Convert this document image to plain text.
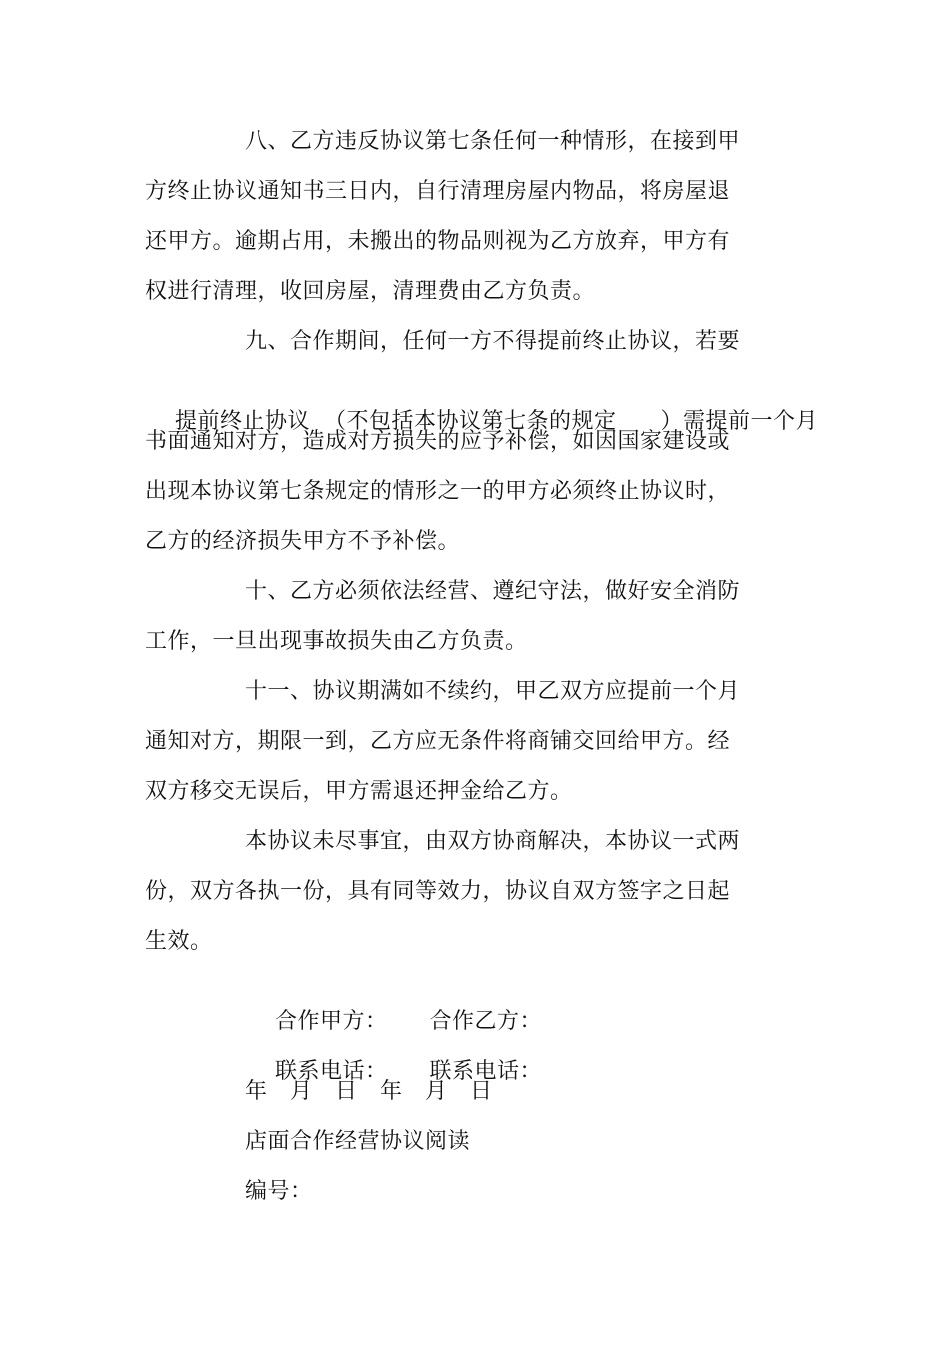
八、乙方违反协议第七条任何一种情形，在接到甲
方终止协议通知书三日内，自行清理房屋内物品，将房屋退
还甲方。逾期占用，未搬出的物品则视为乙方放弃，甲方有
权进行清理，收回房屋，清理费由乙方负责。
九、合作期间，任何一方不得提前终止协议，若要

提前终止协议 （不包括本协议第七条的规定 ）需提前一个月

书面通知对方，造成对方损失的应予补偿，如因国家建设或
出现本协议第七条规定的情形之一的甲方必须终止协议时，
乙方的经济损失甲方不予补偿。
十、乙方必须依法经营、遵纪守法，做好安全消防
工作，一旦出现事故损失由乙方负责。
十一、协议期满如不续约，甲乙双方应提前一个月
通知对方，期限一到，乙方应无条件将商铺交回给甲方。经
双方移交无误后，甲方需退还押金给乙方。
本协议未尽事宜，由双方协商解决，本协议一式两
份，双方各执一份，具有同等效力，协议自双方签字之日起
生效。

合作甲方： 合作乙方：

联系电话： 联系电话：

年　月　日　年　月　日
店面合作经营协议阅读
编号：
